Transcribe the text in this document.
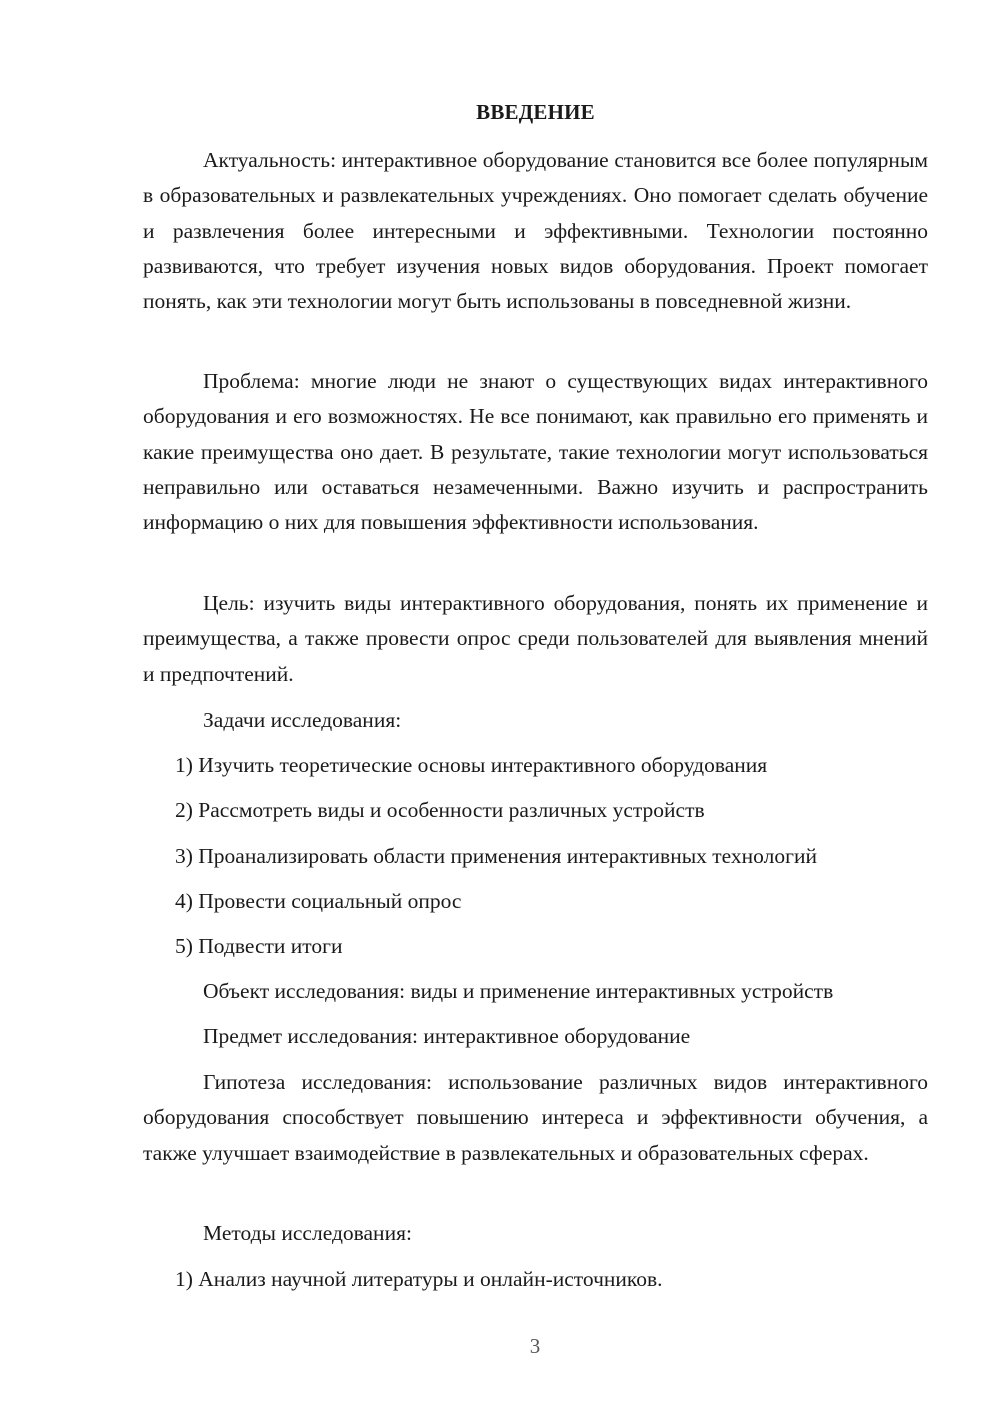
ВВЕДЕНИЕ

Актуальность: интерактивное оборудование становится все более популярным в образовательных и развлекательных учреждениях. Оно помогает сделать обучение и развлечения более интересными и эффективными. Технологии постоянно развиваются, что требует изучения новых видов оборудования. Проект помогает понять, как эти технологии могут быть использованы в повседневной жизни.

Проблема: многие люди не знают о существующих видах интерактивного оборудования и его возможностях. Не все понимают, как правильно его применять и какие преимущества оно дает. В результате, такие технологии могут использоваться неправильно или оставаться незамеченными. Важно изучить и распространить информацию о них для повышения эффективности использования.

Цель: изучить виды интерактивного оборудования, понять их применение и преимущества, а также провести опрос среди пользователей для выявления мнений и предпочтений.

Задачи исследования:
1) Изучить теоретические основы интерактивного оборудования
2) Рассмотреть виды и особенности различных устройств
3) Проанализировать области применения интерактивных технологий
4) Провести социальный опрос
5) Подвести итоги
Объект исследования: виды и применение интерактивных устройств
Предмет исследования: интерактивное оборудование

Гипотеза исследования: использование различных видов интерактивного оборудования способствует повышению интереса и эффективности обучения, а также улучшает взаимодействие в развлекательных и образовательных сферах.

Методы исследования:
1) Анализ научной литературы и онлайн-источников.
3
